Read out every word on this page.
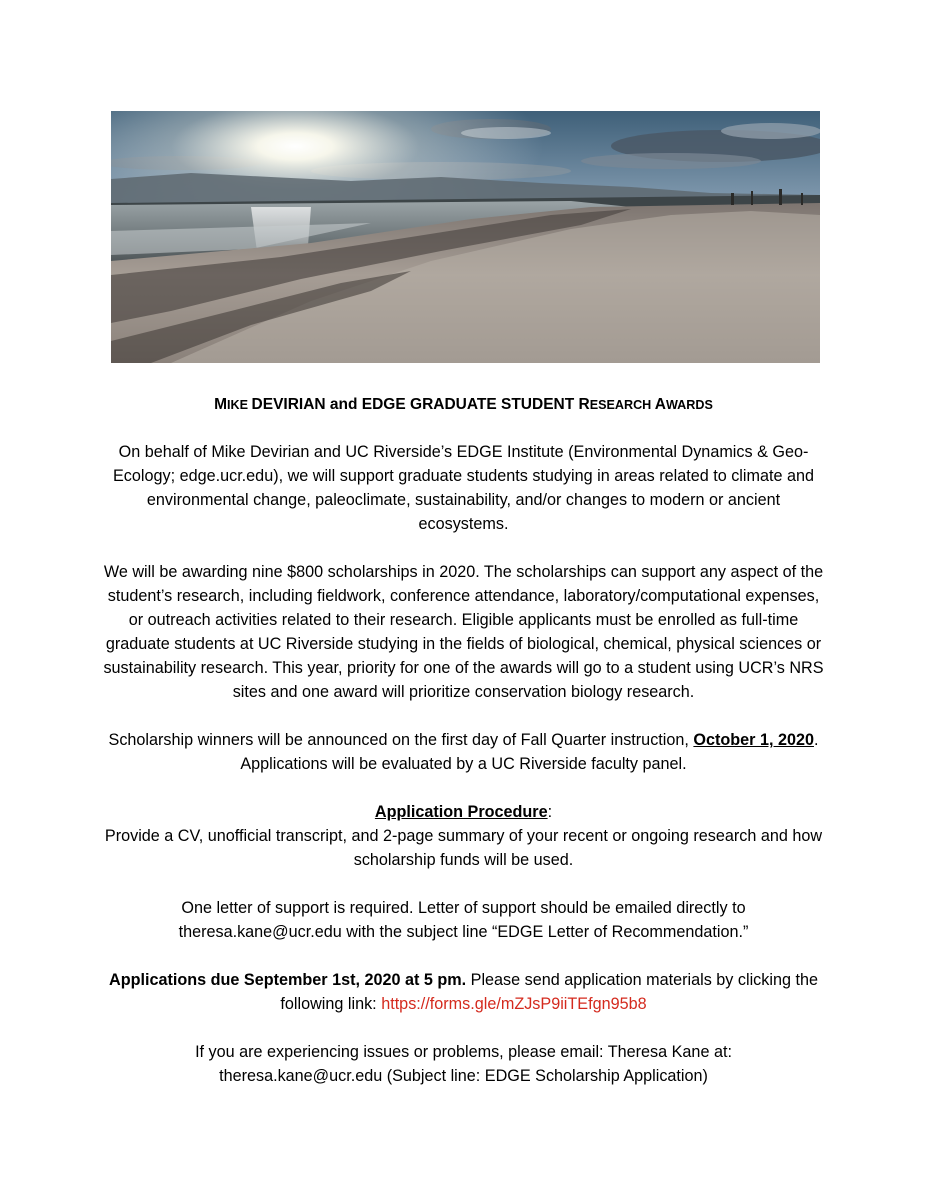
MIKE DEVIRIAN and EDGE GRADUATE STUDENT RESEARCH AWARDS

On behalf of Mike Devirian and UC Riverside’s EDGE Institute (Environmental Dynamics & Geo- Ecology; edge.ucr.edu), we will support graduate students studying in areas related to climate and environmental change, paleoclimate, sustainability, and/or changes to modern or ancient ecosystems.

We will be awarding nine $800 scholarships in 2020. The scholarships can support any aspect of the student’s research, including fieldwork, conference attendance, laboratory/computational expenses, or outreach activities related to their research. Eligible applicants must be enrolled as full-time graduate students at UC Riverside studying in the fields of biological, chemical, physical sciences or sustainability research. This year, priority for one of the awards will go to a student using UCR’s NRS sites and one award will prioritize conservation biology research.

Scholarship winners will be announced on the first day of Fall Quarter instruction, October 1, 2020. Applications will be evaluated by a UC Riverside faculty panel.

Application Procedure:
Provide a CV, unofficial transcript, and 2-page summary of your recent or ongoing research and how scholarship funds will be used.

One letter of support is required. Letter of support should be emailed directly to theresa.kane@ucr.edu with the subject line “EDGE Letter of Recommendation.”

Applications due September 1st, 2020 at 5 pm. Please send application materials by clicking the following link: https://forms.gle/mZJsP9iiTEfgn95b8

If you are experiencing issues or problems, please email: Theresa Kane at:
theresa.kane@ucr.edu (Subject line: EDGE Scholarship Application)
